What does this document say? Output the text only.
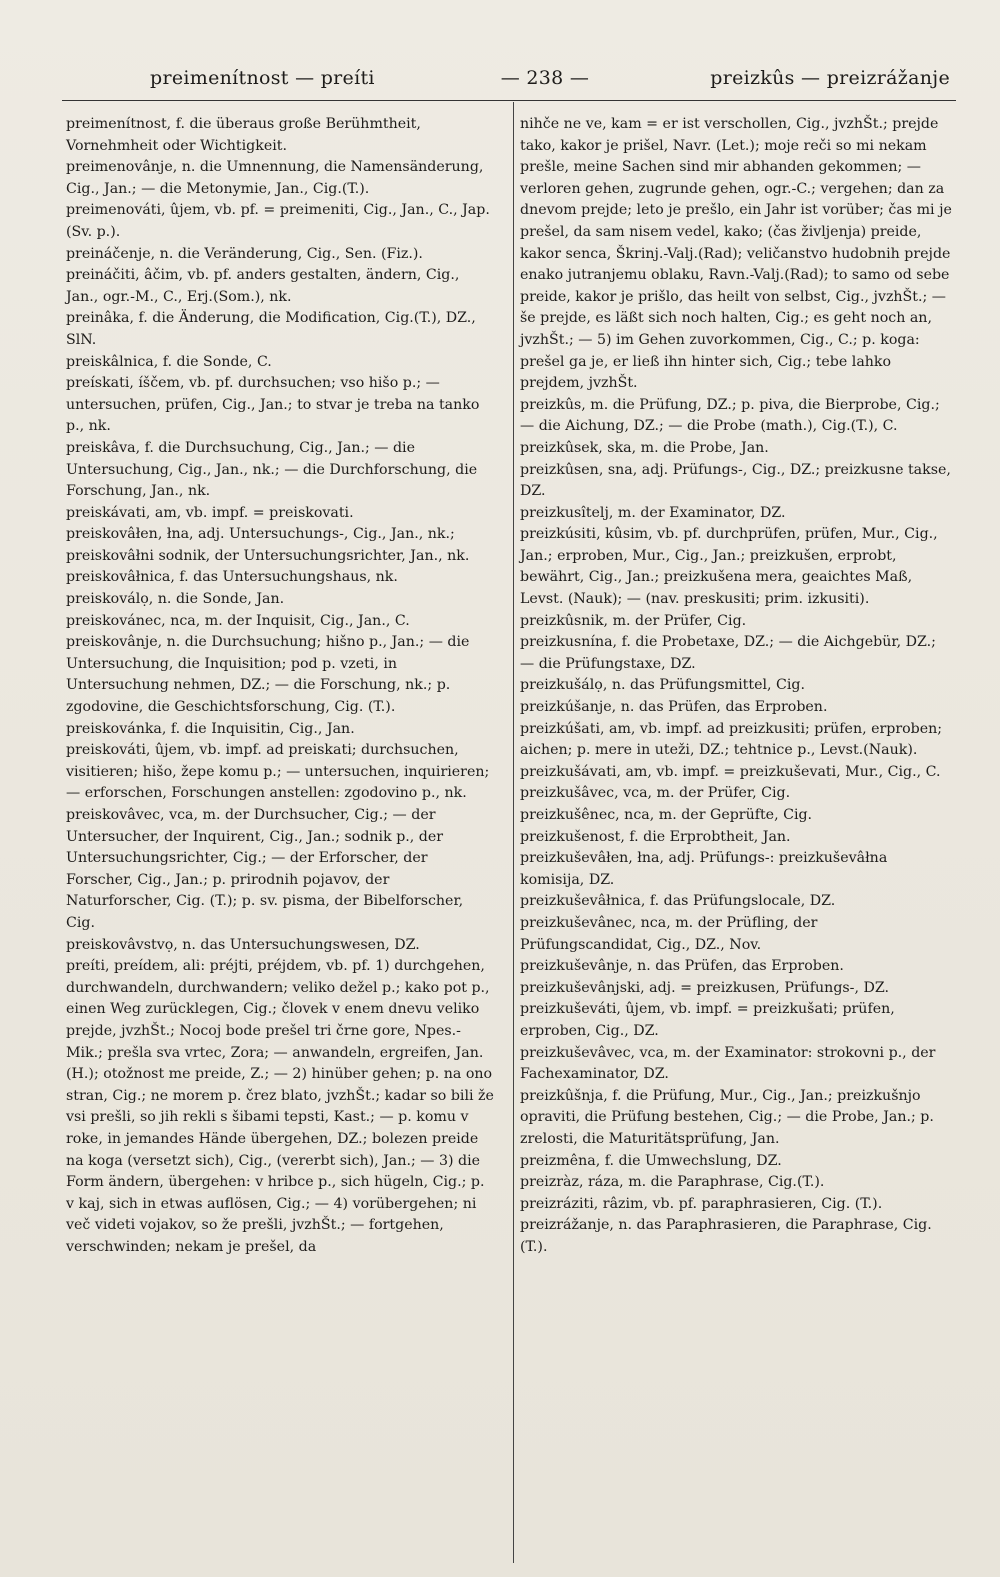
preimenítnost — preíti	— 238 —	preizkûs — preizrážanje

preimenítnost, f. die überaus große Berühmtheit, Vornehmheit oder Wichtigkeit.

preimenovânje, n. die Umnennung, die Namensänderung, Cig., Jan.; — die Metonymie, Jan., Cig.(T.).

preimenováti, ûjem, vb. pf. = preimeniti, Cig., Jan., C., Jap.(Sv. p.).

preináčenje, n. die Veränderung, Cig., Sen. (Fiz.).

preináčiti, âčim, vb. pf. anders gestalten, ändern, Cig., Jan., ogr.-M., C., Erj.(Som.), nk.

preinâka, f. die Änderung, die Modification, Cig.(T.), DZ., SlN.

preiskâlnica, f. die Sonde, C.

preískati, íščem, vb. pf. durchsuchen; vso hišo p.; — untersuchen, prüfen, Cig., Jan.; to stvar je treba na tanko p., nk.

preiskâva, f. die Durchsuchung, Cig., Jan.; — die Untersuchung, Cig., Jan., nk.; — die Durchforschung, die Forschung, Jan., nk.

preiskávati, am, vb. impf. = preiskovati.

preiskovâłen, łna, adj. Untersuchungs-, Cig., Jan., nk.; preiskovâłni sodnik, der Untersuchungsrichter, Jan., nk.

preiskovâłnica, f. das Untersuchungshaus, nk.

preiskoválọ, n. die Sonde, Jan.

preiskovánec, nca, m. der Inquisit, Cig., Jan., C.

preiskovânje, n. die Durchsuchung; hišno p., Jan.; — die Untersuchung, die Inquisition; pod p. vzeti, in Untersuchung nehmen, DZ.; — die Forschung, nk.; p. zgodovine, die Geschichtsforschung, Cig. (T.).

preiskovánka, f. die Inquisitin, Cig., Jan.

preiskováti, ûjem, vb. impf. ad preiskati; durchsuchen, visitieren; hišo, žepe komu p.; — untersuchen, inquirieren; — erforschen, Forschungen anstellen: zgodovino p., nk.

preiskovâvec, vca, m. der Durchsucher, Cig.; — der Untersucher, der Inquirent, Cig., Jan.; sodnik p., der Untersuchungsrichter, Cig.; — der Erforscher, der Forscher, Cig., Jan.; p. prirodnih pojavov, der Naturforscher, Cig. (T.); p. sv. pisma, der Bibelforscher, Cig.

preiskovâvstvọ, n. das Untersuchungswesen, DZ.

preíti, preídem, ali: préjti, préjdem, vb. pf. 1) durchgehen, durchwandeln, durchwandern; veliko dežel p.; kako pot p., einen Weg zurücklegen, Cig.; človek v enem dnevu veliko prejde, jvzhŠt.; Nocoj bode prešel tri črne gore, Npes.-Mik.; prešla sva vrtec, Zora; — anwandeln, ergreifen, Jan. (H.); otožnost me preide, Z.; — 2) hinüber gehen; p. na ono stran, Cig.; ne morem p. črez blato, jvzhŠt.; kadar so bili že vsi prešli, so jih rekli s šibami tepsti, Kast.; — p. komu v roke, in jemandes Hände übergehen, DZ.; bolezen preide na koga (versetzt sich), Cig., (vererbt sich), Jan.; — 3) die Form ändern, übergehen: v hribce p., sich hügeln, Cig.; p. v kaj, sich in etwas auflösen, Cig.; — 4) vorübergehen; ni več videti vojakov, so že prešli, jvzhŠt.; — fortgehen, verschwinden; nekam je prešel, da

nihče ne ve, kam = er ist verschollen, Cig., jvzhŠt.; prejde tako, kakor je prišel, Navr. (Let.); moje reči so mi nekam prešle, meine Sachen sind mir abhanden gekommen; — verloren gehen, zugrunde gehen, ogr.-C.; vergehen; dan za dnevom prejde; leto je prešlo, ein Jahr ist vorüber; čas mi je prešel, da sam nisem vedel, kako; (čas življenja) preide, kakor senca, Škrinj.-Valj.(Rad); veličanstvo hudobnih prejde enako jutranjemu oblaku, Ravn.-Valj.(Rad); to samo od sebe preide, kakor je prišlo, das heilt von selbst, Cig., jvzhŠt.; — še prejde, es läßt sich noch halten, Cig.; es geht noch an, jvzhŠt.; — 5) im Gehen zuvorkommen, Cig., C.; p. koga: prešel ga je, er ließ ihn hinter sich, Cig.; tebe lahko prejdem, jvzhŠt.

preizkûs, m. die Prüfung, DZ.; p. piva, die Bierprobe, Cig.; — die Aichung, DZ.; — die Probe (math.), Cig.(T.), C.

preizkûsek, ska, m. die Probe, Jan.

preizkûsen, sna, adj. Prüfungs-, Cig., DZ.; preizkusne takse, DZ.

preizkusîtelj, m. der Examinator, DZ.

preizkúsiti, kûsim, vb. pf. durchprüfen, prüfen, Mur., Cig., Jan.; erproben, Mur., Cig., Jan.; preizkušen, erprobt, bewährt, Cig., Jan.; preizkušena mera, geaichtes Maß, Levst. (Nauk); — (nav. preskusiti; prim. izkusiti).

preizkûsnik, m. der Prüfer, Cig.

preizkusnína, f. die Probetaxe, DZ.; — die Aichgebür, DZ.; — die Prüfungstaxe, DZ.

preizkušálọ, n. das Prüfungsmittel, Cig.

preizkúšanje, n. das Prüfen, das Erproben.

preizkúšati, am, vb. impf. ad preizkusiti; prüfen, erproben; aichen; p. mere in uteži, DZ.; tehtnice p., Levst.(Nauk).

preizkušávati, am, vb. impf. = preizkuševati, Mur., Cig., C.

preizkušâvec, vca, m. der Prüfer, Cig.

preizkušênec, nca, m. der Geprüfte, Cig.

preizkušenost, f. die Erprobtheit, Jan.

preizkuševâłen, łna, adj. Prüfungs-: preizkuševâłna komisija, DZ.

preizkuševâłnica, f. das Prüfungslocale, DZ.

preizkuševânec, nca, m. der Prüfling, der Prüfungscandidat, Cig., DZ., Nov.

preizkuševânje, n. das Prüfen, das Erproben.

preizkuševânjski, adj. = preizkusen, Prüfungs-, DZ.

preizkuševáti, ûjem, vb. impf. = preizkušati; prüfen, erproben, Cig., DZ.

preizkuševâvec, vca, m. der Examinator: strokovni p., der Fachexaminator, DZ.

preizkûšnja, f. die Prüfung, Mur., Cig., Jan.; preizkušnjo opraviti, die Prüfung bestehen, Cig.; — die Probe, Jan.; p. zrelosti, die Maturitätsprüfung, Jan.

preizmêna, f. die Umwechslung, DZ.

preizràz, ráza, m. die Paraphrase, Cig.(T.).

preizráziti, râzim, vb. pf. paraphrasieren, Cig. (T.).

preizrážanje, n. das Paraphrasieren, die Paraphrase, Cig.(T.).
